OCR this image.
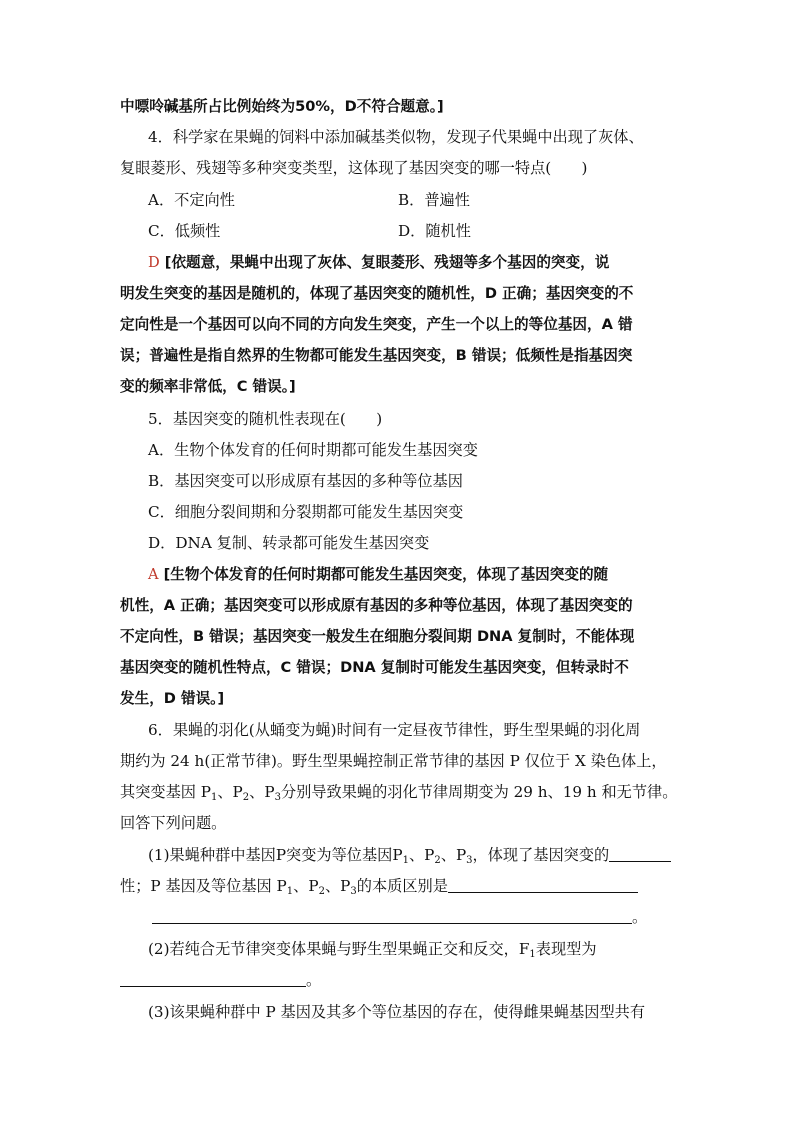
中嘌呤碱基所占比例始终为50%，D不符合题意。]
4．科学家在果蝇的饲料中添加碱基类似物，发现子代果蝇中出现了灰体、
复眼菱形、残翅等多种突变类型，这体现了基因突变的哪一特点(　　)
A．不定向性	B．普遍性
C．低频性	D．随机性
D [依题意，果蝇中出现了灰体、复眼菱形、残翅等多个基因的突变，说
明发生突变的基因是随机的，体现了基因突变的随机性，D 正确；基因突变的不
定向性是一个基因可以向不同的方向发生突变，产生一个以上的等位基因，A 错
误；普遍性是指自然界的生物都可能发生基因突变，B 错误；低频性是指基因突
变的频率非常低，C 错误。]
5．基因突变的随机性表现在(　　)
A．生物个体发育的任何时期都可能发生基因突变
B．基因突变可以形成原有基因的多种等位基因
C．细胞分裂间期和分裂期都可能发生基因突变
D．DNA 复制、转录都可能发生基因突变
A [生物个体发育的任何时期都可能发生基因突变，体现了基因突变的随
机性，A 正确；基因突变可以形成原有基因的多种等位基因，体现了基因突变的
不定向性，B 错误；基因突变一般发生在细胞分裂间期 DNA 复制时，不能体现
基因突变的随机性特点，C 错误；DNA 复制时可能发生基因突变，但转录时不
发生，D 错误。]
6．果蝇的羽化(从蛹变为蝇)时间有一定昼夜节律性，野生型果蝇的羽化周
期约为 24 h(正常节律)。野生型果蝇控制正常节律的基因 P 仅位于 X 染色体上，
其突变基因 $P_1$、$P_2$、$P_3$分别导致果蝇的羽化节律周期变为 29 h、19 h 和无节律。
回答下列问题。
(1)果蝇种群中基因P突变为等位基因$P_1$、$P_2$、$P_3$，体现了基因突变的
性；P 基因及等位基因 $P_1$、$P_2$、$P_3$的本质区别是
。
(2)若纯合无节律突变体果蝇与野生型果蝇正交和反交，$F_1$表现型为
。
(3)该果蝇种群中 P 基因及其多个等位基因的存在，使得雌果蝇基因型共有
